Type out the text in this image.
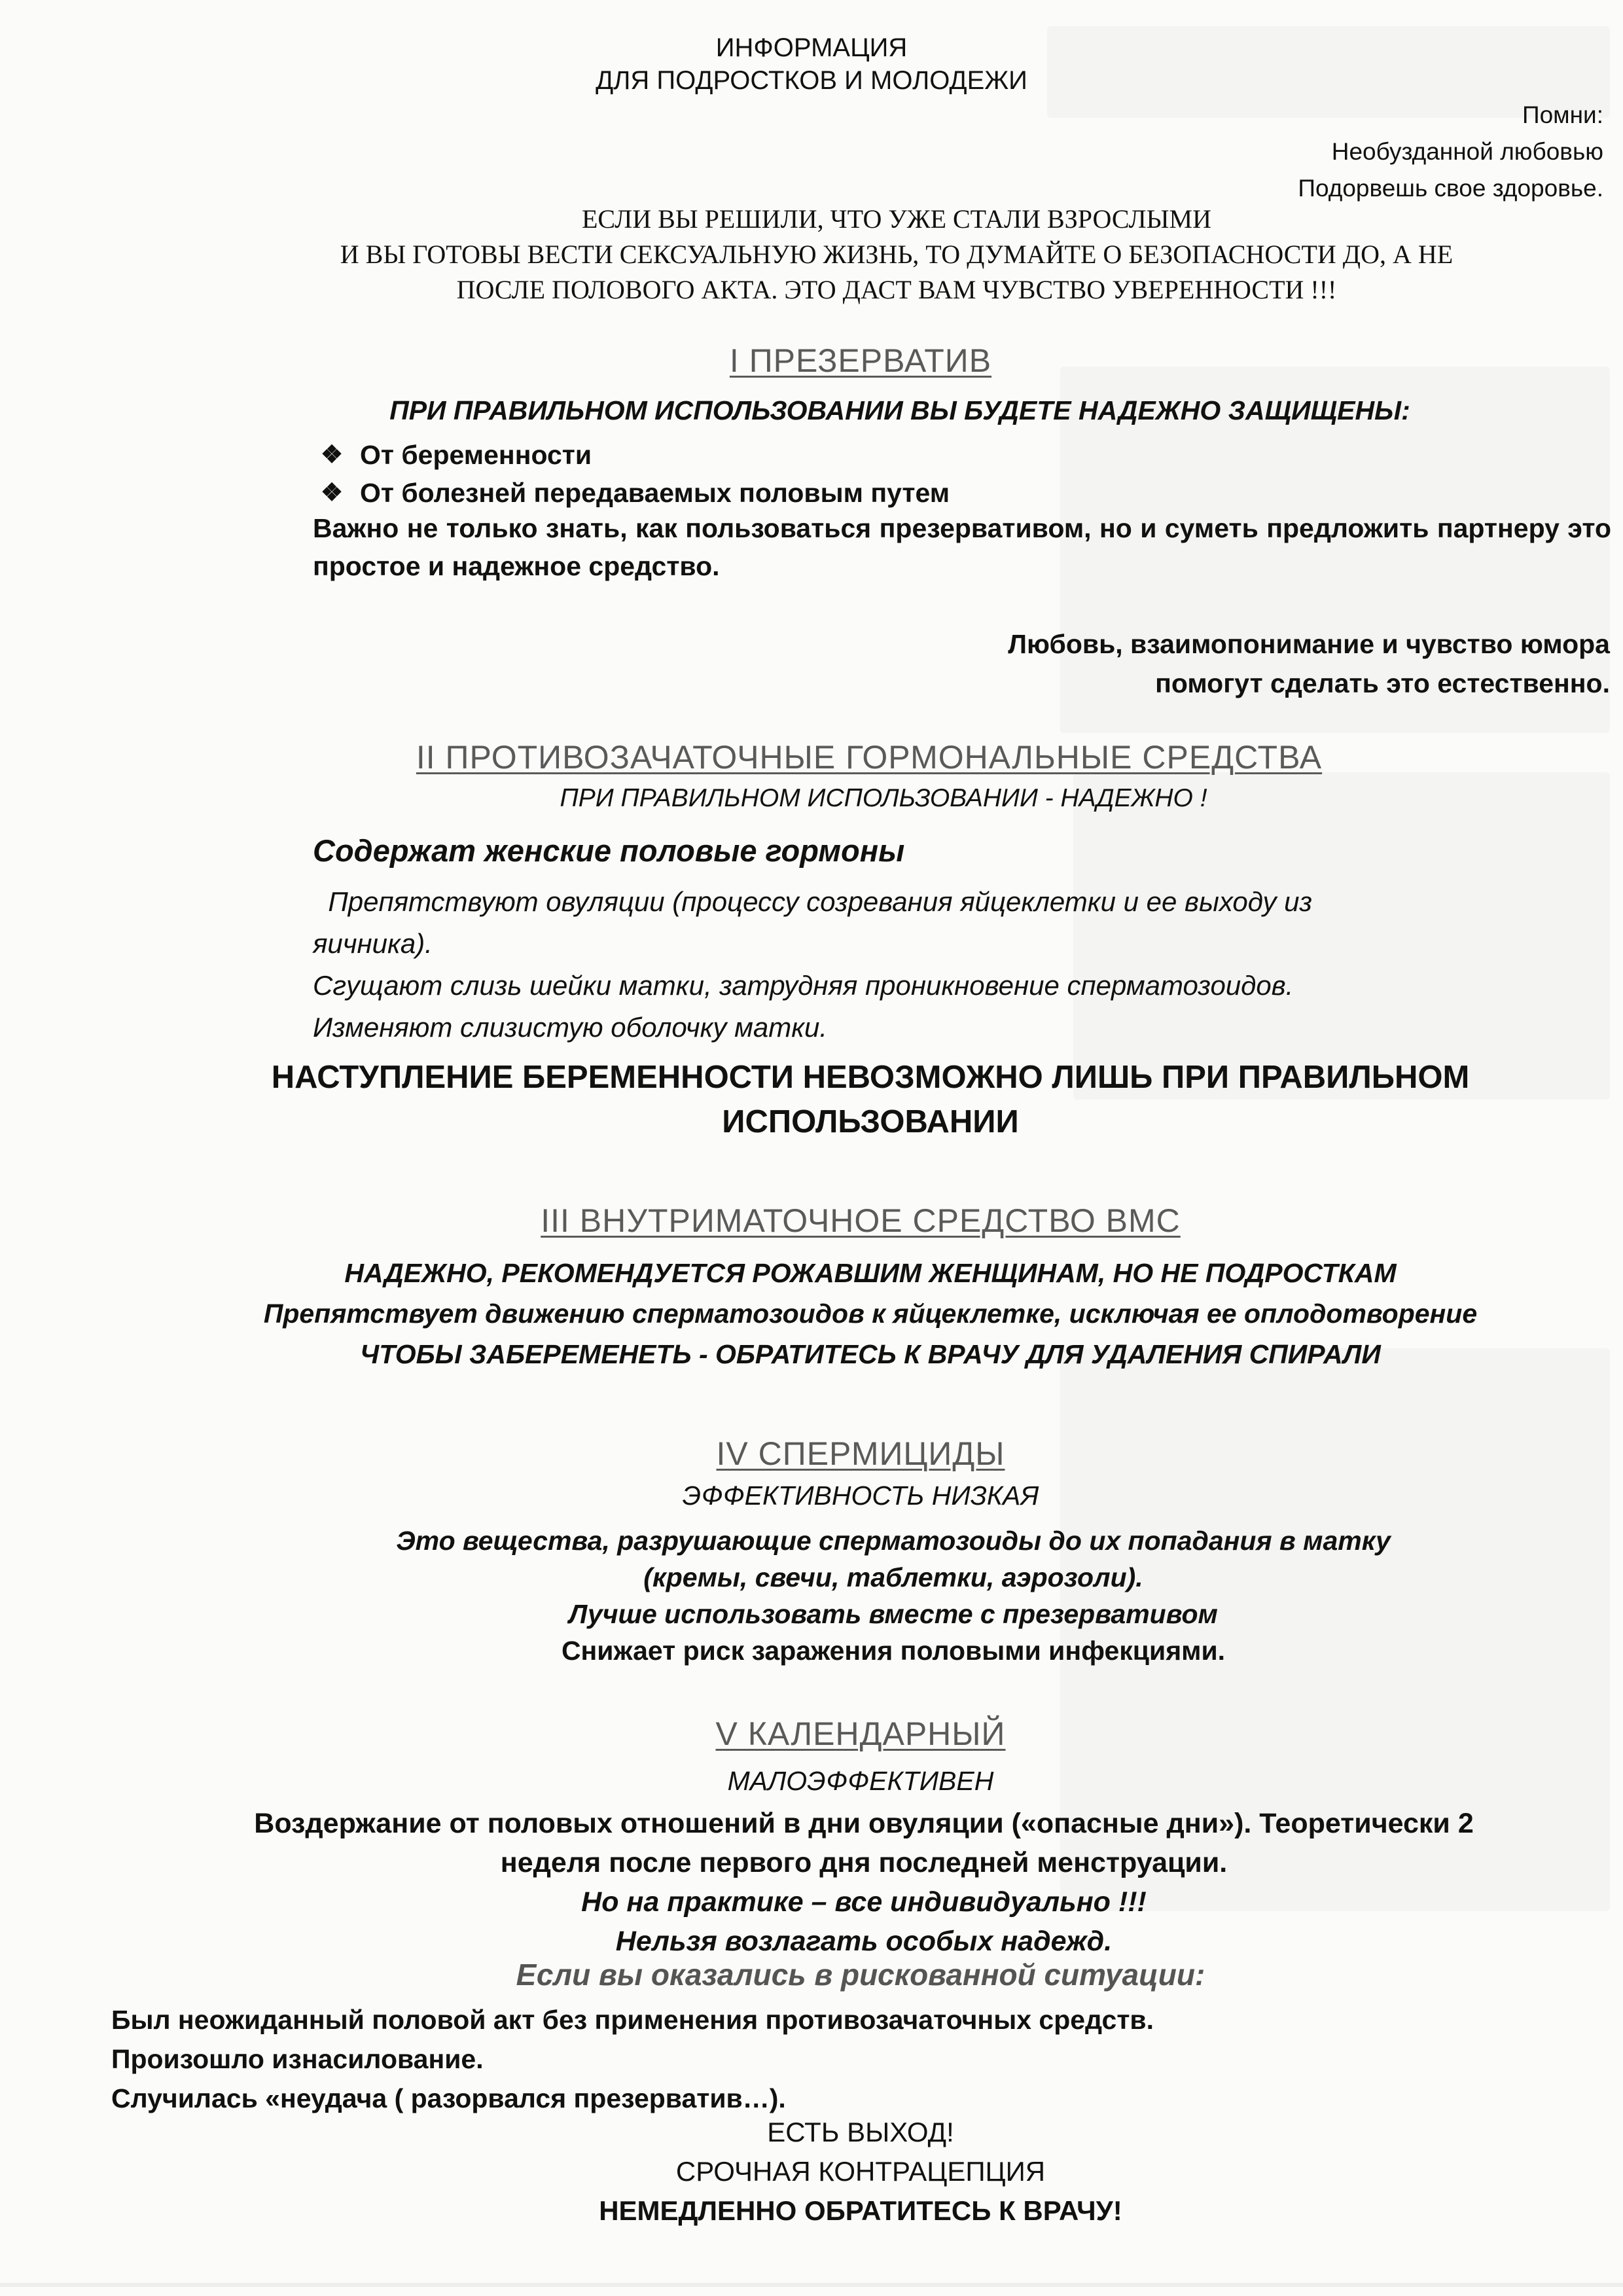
ИНФОРМАЦИЯ
ДЛЯ ПОДРОСТКОВ И МОЛОДЕЖИ
Помни:
Необузданной любовью
Подорвешь свое здоровье.
ЕСЛИ ВЫ РЕШИЛИ, ЧТО УЖЕ СТАЛИ ВЗРОСЛЫМИ
И ВЫ ГОТОВЫ ВЕСТИ СЕКСУАЛЬНУЮ ЖИЗНЬ, ТО ДУМАЙТЕ О БЕЗОПАСНОСТИ ДО, А НЕ
ПОСЛЕ ПОЛОВОГО АКТА. ЭТО ДАСТ ВАМ ЧУВСТВО УВЕРЕННОСТИ !!!
I ПРЕЗЕРВАТИВ
ПРИ ПРАВИЛЬНОМ ИСПОЛЬЗОВАНИИ ВЫ БУДЕТЕ НАДЕЖНО ЗАЩИЩЕНЫ:
❖ От беременности
❖ От болезней передаваемых половым путем
Важно не только знать, как пользоваться презервативом, но и суметь предложить партнеру это простое и надежное средство.
Любовь, взаимопонимание и чувство юмора
помогут сделать это естественно.
II ПРОТИВОЗАЧАТОЧНЫЕ ГОРМОНАЛЬНЫЕ СРЕДСТВА
ПРИ ПРАВИЛЬНОМ ИСПОЛЬЗОВАНИИ - НАДЕЖНО !
Содержат женские половые гормоны
Препятствуют овуляции (процессу созревания яйцеклетки и ее выходу из
яичника).
Сгущают слизь шейки матки, затрудняя проникновение сперматозоидов.
Изменяют слизистую оболочку матки.
НАСТУПЛЕНИЕ БЕРЕМЕННОСТИ НЕВОЗМОЖНО ЛИШЬ ПРИ ПРАВИЛЬНОМ
ИСПОЛЬЗОВАНИИ
III ВНУТРИМАТОЧНОЕ СРЕДСТВО ВМС
НАДЕЖНО, РЕКОМЕНДУЕТСЯ РОЖАВШИМ ЖЕНЩИНАМ, НО НЕ ПОДРОСТКАМ
Препятствует движению сперматозоидов к яйцеклетке, исключая ее оплодотворение
ЧТОБЫ ЗАБЕРЕМЕНЕТЬ - ОБРАТИТЕСЬ К ВРАЧУ ДЛЯ УДАЛЕНИЯ СПИРАЛИ
IV СПЕРМИЦИДЫ
ЭФФЕКТИВНОСТЬ НИЗКАЯ
Это вещества, разрушающие сперматозоиды до их попадания в матку
(кремы, свечи, таблетки, аэрозоли).
Лучше использовать вместе с презервативом
Снижает риск заражения половыми инфекциями.
V КАЛЕНДАРНЫЙ
МАЛОЭФФЕКТИВЕН
Воздержание от половых отношений в дни овуляции («опасные дни»). Теоретически 2
неделя после первого дня последней менструации.
Но на практике – все индивидуально !!!
Нельзя возлагать особых надежд.
Если вы оказались в рискованной ситуации:
Был неожиданный половой акт без применения противозачаточных средств.
Произошло изнасилование.
Случилась «неудача ( разорвался презерватив…).
ЕСТЬ ВЫХОД!
СРОЧНАЯ КОНТРАЦЕПЦИЯ
НЕМЕДЛЕННО ОБРАТИТЕСЬ К ВРАЧУ!
